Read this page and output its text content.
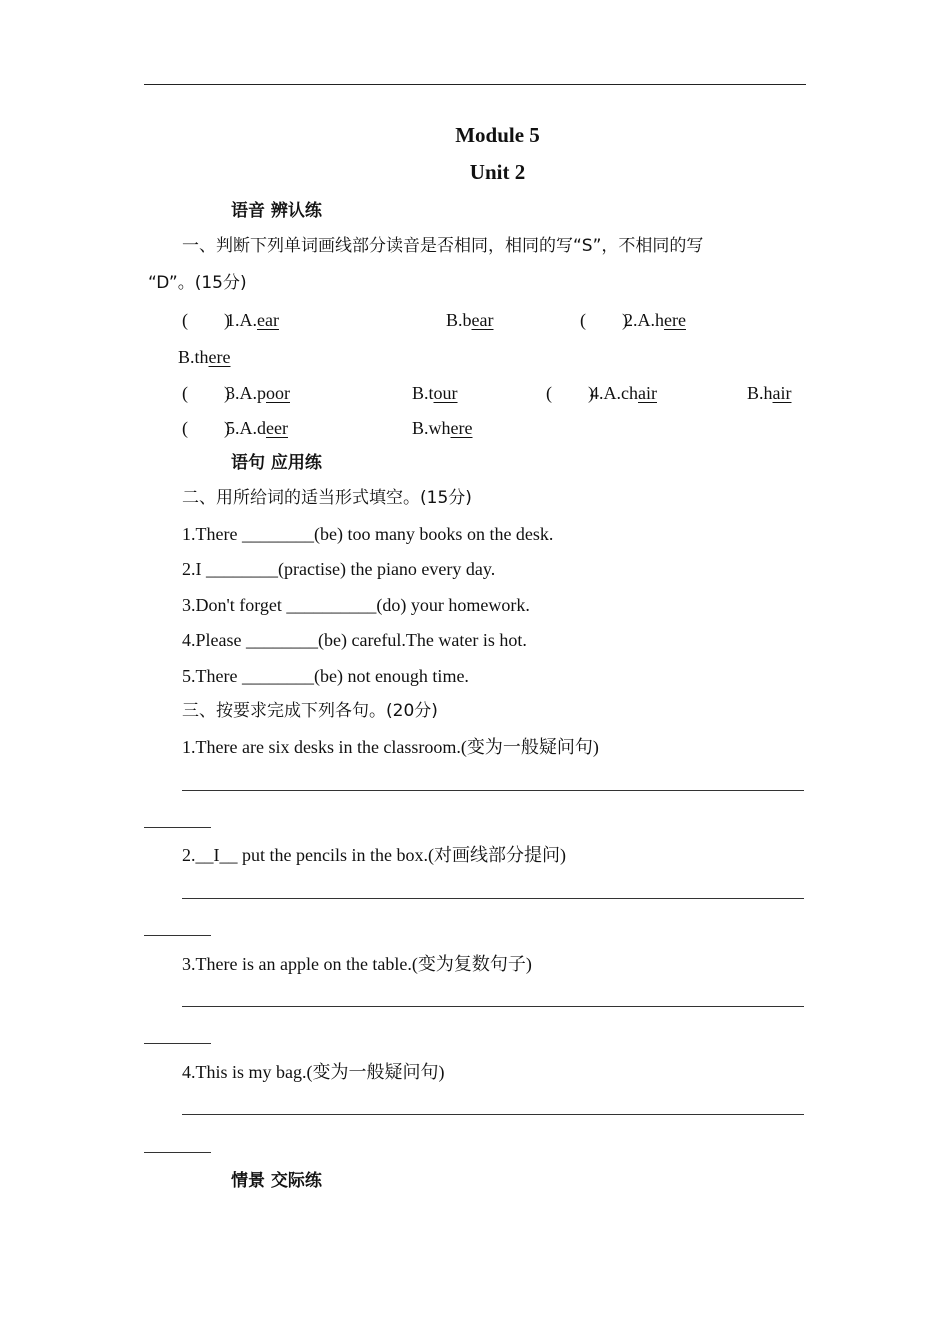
Module 5
Unit 2
语音 辨认练
一、判断下列单词画线部分读音是否相同，相同的写“S”，不相同的写
“D”。(15分)
(　　)
1.A.ear	B.bear	(　　)
2.A.here
B.there
(　　)
3.A.poor	B.tour	(　　)
4.A.chair	B.hair
(　　)
5.A.deer	B.where
语句 应用练
二、用所给词的适当形式填空。(15分)
1.There ________(be) too many books on the desk.
2.I ________(practise) the piano every day.
3.Don't forget __________(do) your homework.
4.Please ________(be) careful.The water is hot.
5.There ________(be) not enough time.
三、按要求完成下列各句。(20分)
1.There are six desks in the classroom.(变为一般疑问句)
2.__I__ put the pencils in the box.(对画线部分提问)
3.There is an apple on the table.(变为复数句子)
4.This is my bag.(变为一般疑问句)
情景 交际练
